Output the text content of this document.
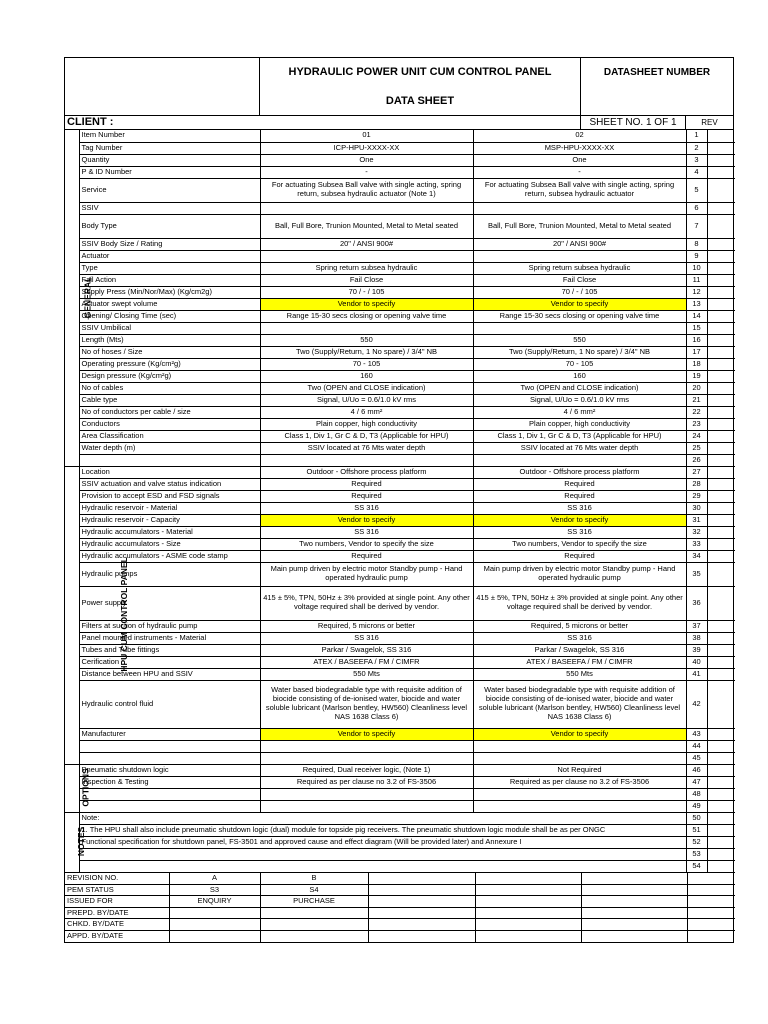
HYDRAULIC POWER UNIT CUM CONTROL PANEL
DATA SHEET
DATASHEET NUMBER
CLIENT :	SHEET NO. 1 OF 1	REV
GENERAL	Item Number	01	02	1	
	Tag Number	ICP-HPU-XXXX-XX	MSP-HPU-XXXX-XX	2	
	Quantity	One	One	3	
	P & ID Number	-	-	4	
	Service	For actuating Subsea Ball valve with single acting, spring return, subsea hydraulic actuator (Note 1)	For actuating Subsea Ball valve with single acting, spring return, subsea hydraulic actuator	5	
	SSIV			6	
	Body Type	Ball, Full Bore, Trunion Mounted, Metal to Metal seated	Ball, Full Bore, Trunion Mounted, Metal to Metal seated	7	
	SSIV Body Size / Rating	20" / ANSI 900#	20" / ANSI 900#	8	
	Actuator			9	
	Type	Spring return subsea hydraulic	Spring return subsea hydraulic	10	
	Fail Action	Fail Close	Fail Close	11	
	Supply Press (Min/Nor/Max) (Kg/cm2g)	70 / - / 105	70 / - / 105	12	
	Actuator swept volume	Vendor to specify	Vendor to specify	13	
	Opening/ Closing Time (sec)	Range 15-30 secs closing or opening valve time	Range 15-30 secs closing or opening valve time	14	
	SSIV Umbilical			15	
	Length (Mts)	550	550	16	
	No of hoses / Size	Two (Supply/Return, 1 No spare) / 3/4" NB	Two (Supply/Return, 1 No spare) / 3/4" NB	17	
	Operating pressure (Kg/cm²g)	70 - 105	70 - 105	18	
	Design pressure (Kg/cm²g)	160	160	19	
	No of cables	Two (OPEN and CLOSE indication)	Two (OPEN and CLOSE indication)	20	
	Cable type	Signal, U/Uo = 0.6/1.0 kV rms	Signal, U/Uo = 0.6/1.0 kV rms	21	
	No of conductors per cable / size	4 / 6 mm²	4 / 6 mm²	22	
	Conductors	Plain copper, high conductivity	Plain copper, high conductivity	23	
	Area Classification	Class 1, Div 1, Gr C & D, T3 (Applicable for HPU)	Class 1, Div 1, Gr C & D, T3 (Applicable for HPU)	24	
	Water depth (m)	SSIV located at 76 Mts water depth	SSIV located at 76 Mts water depth	25	
				26	
HPU CUM CONTROL PANEL	Location	Outdoor - Offshore process platform	Outdoor - Offshore process platform	27	
	SSIV actuation and valve status indication	Required	Required	28	
	Provision to accept ESD and FSD signals	Required	Required	29	
	Hydraulic reservoir - Material	SS 316	SS 316	30	
	Hydraulic reservoir - Capacity	Vendor to specify	Vendor to specify	31	
	Hydraulic accumulators - Material	SS 316	SS 316	32	
	Hydraulic accumulators - Size	Two numbers, Vendor to specify the size	Two numbers, Vendor to specify the size	33	
	Hydraulic accumulators - ASME code stamp	Required	Required	34	
	Hydraulic pumps	Main pump driven by electric motor Standby pump - Hand operated hydraulic pump	Main pump driven by electric motor Standby pump - Hand operated hydraulic pump	35	
	Power supply	415 ± 5%, TPN, 50Hz ± 3% provided at single point. Any other voltage required shall be derived by vendor.	415 ± 5%, TPN, 50Hz ± 3% provided at single point. Any other voltage required shall be derived by vendor.	36	
	Filters at suction of hydraulic pump	Required, 5 microns or better	Required, 5 microns or better	37	
	Panel mounted instruments - Material	SS 316	SS 316	38	
	Tubes and Tube fittings	Parkar / Swagelok, SS 316	Parkar / Swagelok, SS 316	39	
	Cerification	ATEX / BASEEFA / FM / CIMFR	ATEX / BASEEFA / FM / CIMFR	40	
	Distance between HPU and SSIV	550 Mts	550 Mts	41	
	Hydraulic control fluid	Water based biodegradable type with requisite addition of biocide consisting of de-ionised water, biocide and water soluble lubricant (Marlson bentley, HW560) Cleanliness level NAS 1638 Class 6)	Water based biodegradable type with requisite addition of biocide consisting of de-ionised water, biocide and water soluble lubricant (Marlson bentley, HW560) Cleanliness level NAS 1638 Class 6)	42	
	Manufacturer	Vendor to specify	Vendor to specify	43	
				44	
				45	
OPTIONS	Pneumatic shutdown logic	Required, Dual receiver logic, (Note 1)	Not Required	46	
	Inspection & Testing	Required as per clause no 3.2 of FS-3506	Required as per clause no 3.2 of FS-3506	47	
				48	
				49	
NOTES	Note:			50	
	1. The HPU shall also include pneumatic shutdown logic (dual) module for topside pig receivers. The pneumatic shutdown logic module shall be as per ONGC			51	
	Functional specification for shutdown panel, FS-3501 and approved cause and effect diagram (Will be provided later) and Annexure I			52	
				53	
				54	
REVISION NO.	A	B				
PEM STATUS	S3	S4				
ISSUED FOR	ENQUIRY	PURCHASE				
PREPD. BY/DATE						
CHKD. BY/DATE						
APPD. BY/DATE						
